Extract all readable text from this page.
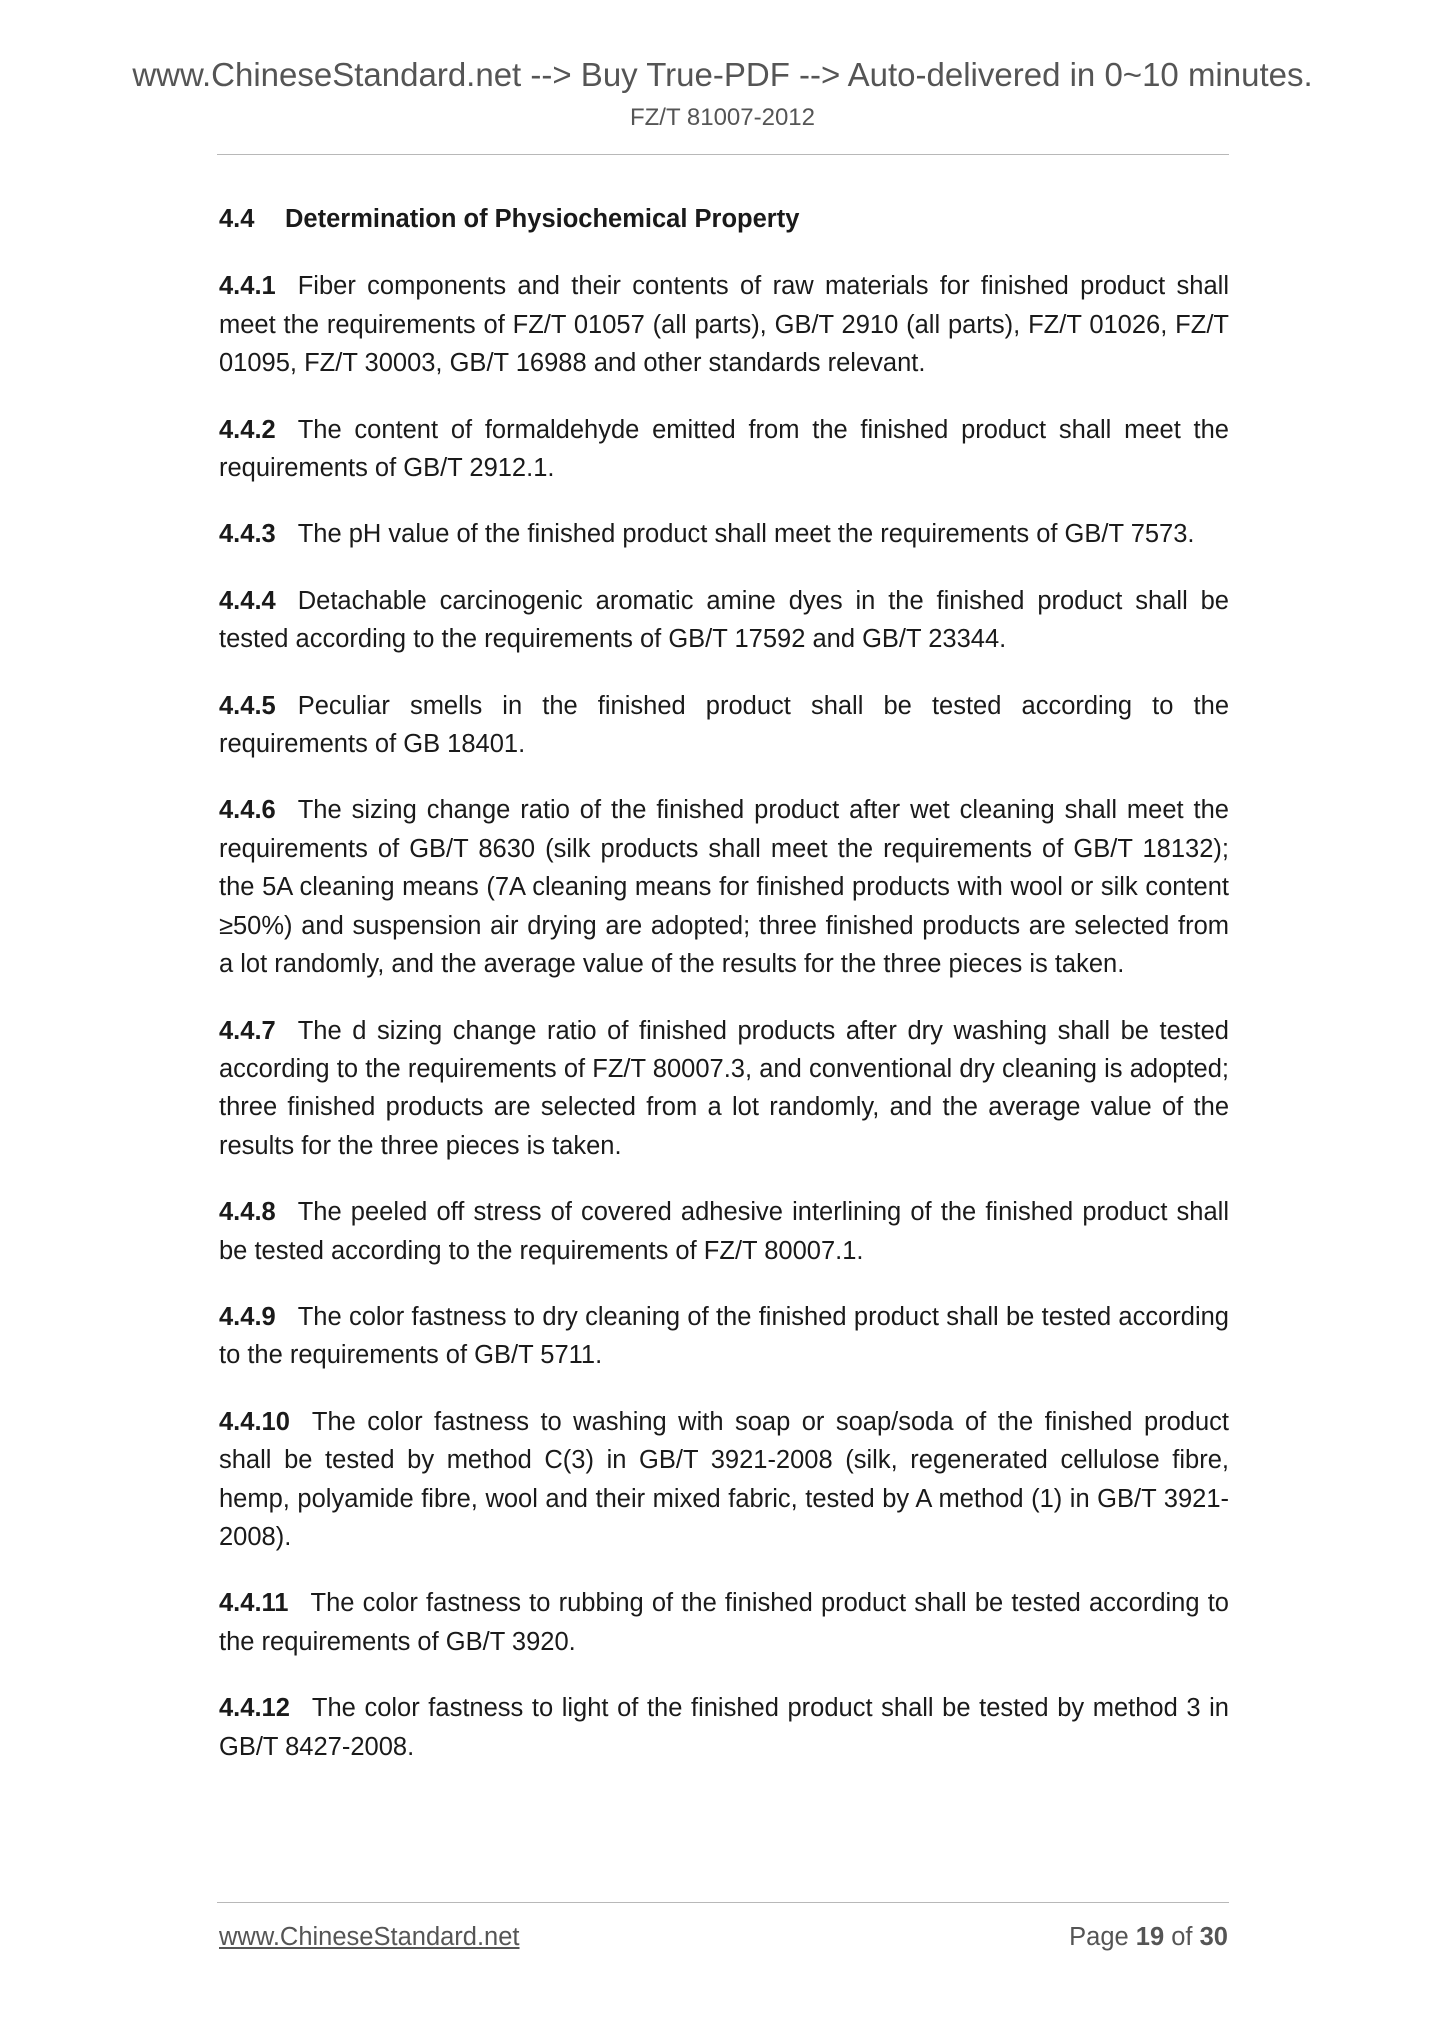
www.ChineseStandard.net --> Buy True-PDF --> Auto-delivered in 0~10 minutes.
FZ/T 81007-2012
4.4 Determination of Physiochemical Property

4.4.1 Fiber components and their contents of raw materials for finished product shall meet the requirements of FZ/T 01057 (all parts), GB/T 2910 (all parts), FZ/T 01026, FZ/T 01095, FZ/T 30003, GB/T 16988 and other standards relevant.

4.4.2 The content of formaldehyde emitted from the finished product shall meet the requirements of GB/T 2912.1.

4.4.3 The pH value of the finished product shall meet the requirements of GB/T 7573.

4.4.4 Detachable carcinogenic aromatic amine dyes in the finished product shall be tested according to the requirements of GB/T 17592 and GB/T 23344.

4.4.5 Peculiar smells in the finished product shall be tested according to the requirements of GB 18401.

4.4.6 The sizing change ratio of the finished product after wet cleaning shall meet the requirements of GB/T 8630 (silk products shall meet the requirements of GB/T 18132); the 5A cleaning means (7A cleaning means for finished products with wool or silk content ≥50%) and suspension air drying are adopted; three finished products are selected from a lot randomly, and the average value of the results for the three pieces is taken.

4.4.7 The d sizing change ratio of finished products after dry washing shall be tested according to the requirements of FZ/T 80007.3, and conventional dry cleaning is adopted; three finished products are selected from a lot randomly, and the average value of the results for the three pieces is taken.

4.4.8 The peeled off stress of covered adhesive interlining of the finished product shall be tested according to the requirements of FZ/T 80007.1.

4.4.9 The color fastness to dry cleaning of the finished product shall be tested according to the requirements of GB/T 5711.

4.4.10 The color fastness to washing with soap or soap/soda of the finished product shall be tested by method C(3) in GB/T 3921-2008 (silk, regenerated cellulose fibre, hemp, polyamide fibre, wool and their mixed fabric, tested by A method (1) in GB/T 3921-2008).

4.4.11 The color fastness to rubbing of the finished product shall be tested according to the requirements of GB/T 3920.

4.4.12 The color fastness to light of the finished product shall be tested by method 3 in GB/T 8427-2008.

www.ChineseStandard.net	Page 19 of 30
